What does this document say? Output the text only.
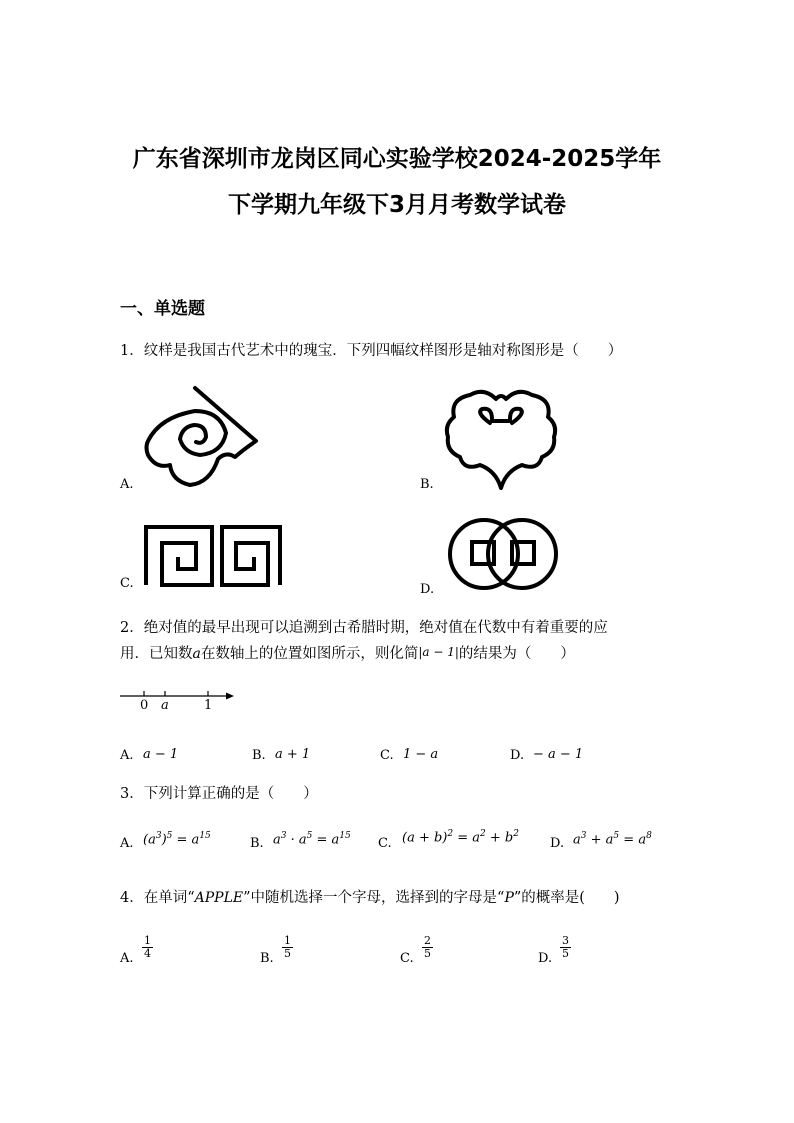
广东省深圳市龙岗区同心实验学校2024-2025学年
下学期九年级下3月月考数学试卷
一、单选题
1．纹样是我国古代艺术中的瑰宝．下列四幅纹样图形是轴对称图形是（　　）
A.	B.
C.	D.
2．绝对值的最早出现可以追溯到古希腊时期，绝对值在代数中有着重要的应
用．已知数a在数轴上的位置如图所示，则化简|a − 1|的结果为（　　）
0 a	1
A. a − 1	B. a + 1	C. 1 − a	D. − a − 1
3．下列计算正确的是（　　）
A. $(a^3)^5 = a^{15}$	B. $a^3 \cdot a^5 = a^{15}$ C. $(a + b)^2 = a^2 + b^2$
D. $a^3 + a^5 = a^8$
4．在单词“APPLE”中随机选择一个字母，选择到的字母是“P”的概率是(　　)
A. $\frac{1}{4}$	B. $\frac{1}{5}$	C. $\frac{2}{5}$	D. $\frac{3}{5}$
